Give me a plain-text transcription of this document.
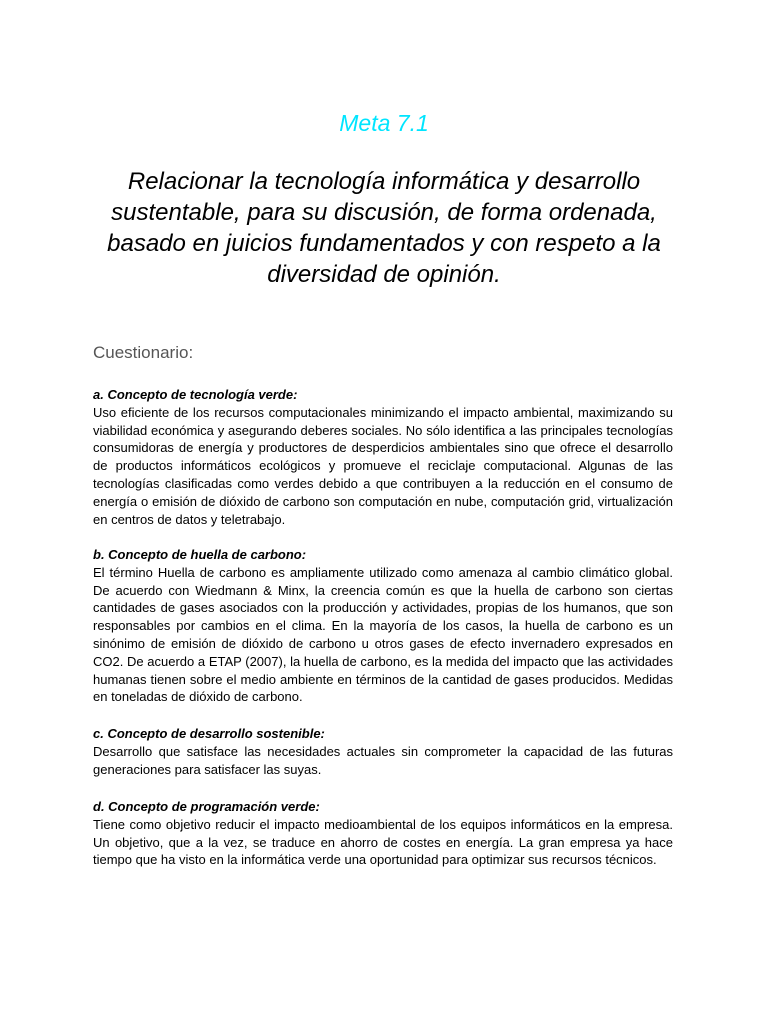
Meta 7.1

Relacionar la tecnología informática y desarrollo sustentable, para su discusión, de forma ordenada, basado en juicios fundamentados y con respeto a la diversidad de opinión.

Cuestionario:

a. Concepto de tecnología verde:

Uso eficiente de los recursos computacionales minimizando el impacto ambiental, maximizando su viabilidad económica y asegurando deberes sociales. No sólo identifica a las principales tecnologías consumidoras de energía y productores de desperdicios ambientales sino que ofrece el desarrollo de productos informáticos ecológicos y promueve el reciclaje computacional. Algunas de las tecnologías clasificadas como verdes debido a que contribuyen a la reducción en el consumo de energía o emisión de dióxido de carbono son computación en nube, computación grid, virtualización en centros de datos y teletrabajo.

b. Concepto de huella de carbono:

El término Huella de carbono es ampliamente utilizado como amenaza al cambio climático global. De acuerdo con Wiedmann & Minx, la creencia común es que la huella de carbono son ciertas cantidades de gases asociados con la producción y actividades, propias de los humanos, que son responsables por cambios en el clima. En la mayoría de los casos, la huella de carbono es un sinónimo de emisión de dióxido de carbono u otros gases de efecto invernadero expresados en CO2. De acuerdo a ETAP (2007), la huella de carbono, es la medida del impacto que las actividades humanas tienen sobre el medio ambiente en términos de la cantidad de gases producidos. Medidas en toneladas de dióxido de carbono.

c. Concepto de desarrollo sostenible:

Desarrollo que satisface las necesidades actuales sin comprometer la capacidad de las futuras generaciones para satisfacer las suyas.

d. Concepto de programación verde:

Tiene como objetivo reducir el impacto medioambiental de los equipos informáticos en la empresa. Un objetivo, que a la vez, se traduce en ahorro de costes en energía. La gran empresa ya hace tiempo que ha visto en la informática verde una oportunidad para optimizar sus recursos técnicos.
